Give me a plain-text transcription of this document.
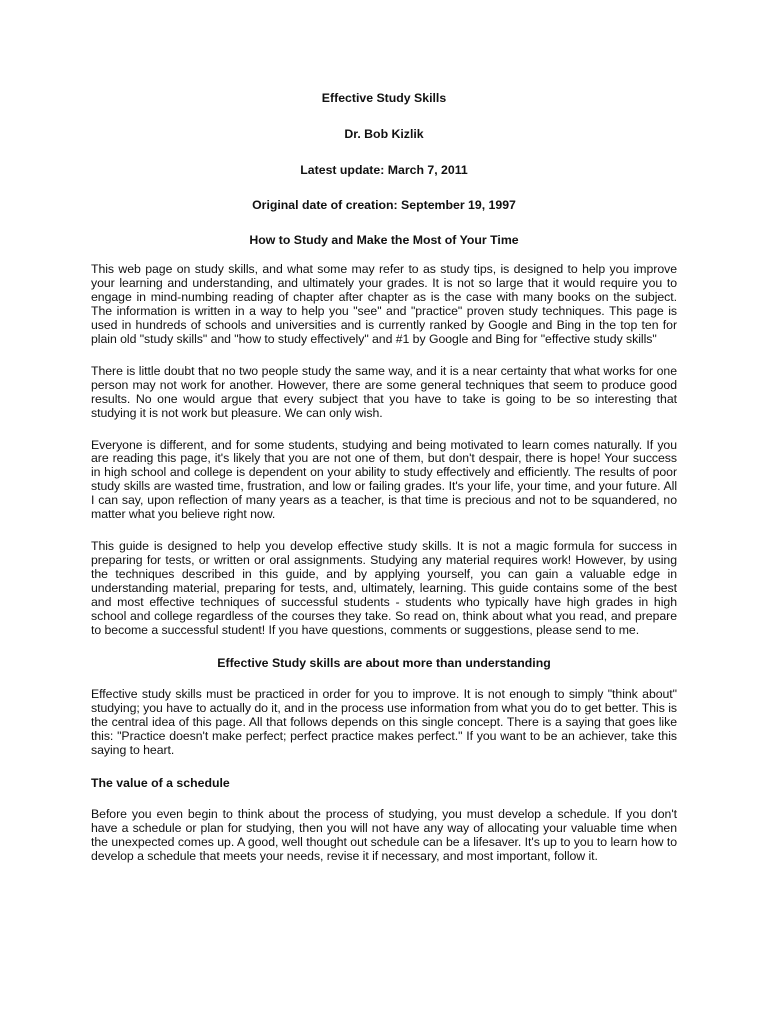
Effective Study Skills
Dr. Bob Kizlik
Latest update: March 7, 2011
Original date of creation: September 19, 1997
How to Study and Make the Most of Your Time

This web page on study skills, and what some may refer to as study tips, is designed to help you improve your learning and understanding, and ultimately your grades. It is not so large that it would require you to engage in mind-numbing reading of chapter after chapter as is the case with many books on the subject. The information is written in a way to help you "see" and "practice" proven study techniques. This page is used in hundreds of schools and universities and is currently ranked by Google and Bing in the top ten for plain old "study skills" and "how to study effectively" and #1 by Google and Bing for "effective study skills"

There is little doubt that no two people study the same way, and it is a near certainty that what works for one person may not work for another. However, there are some general techniques that seem to produce good results. No one would argue that every subject that you have to take is going to be so interesting that studying it is not work but pleasure. We can only wish.

Everyone is different, and for some students, studying and being motivated to learn comes naturally. If you are reading this page, it's likely that you are not one of them, but don't despair, there is hope! Your success in high school and college is dependent on your ability to study effectively and efficiently. The results of poor study skills are wasted time, frustration, and low or failing grades. It's your life, your time, and your future. All I can say, upon reflection of many years as a teacher, is that time is precious and not to be squandered, no matter what you believe right now.

This guide is designed to help you develop effective study skills. It is not a magic formula for success in preparing for tests, or written or oral assignments. Studying any material requires work! However, by using the techniques described in this guide, and by applying yourself, you can gain a valuable edge in understanding material, preparing for tests, and, ultimately, learning. This guide contains some of the best and most effective techniques of successful students - students who typically have high grades in high school and college regardless of the courses they take. So read on, think about what you read, and prepare to become a successful student! If you have questions, comments or suggestions, please send to me.

Effective Study skills are about more than understanding

Effective study skills must be practiced in order for you to improve. It is not enough to simply "think about" studying; you have to actually do it, and in the process use information from what you do to get better. This is the central idea of this page. All that follows depends on this single concept. There is a saying that goes like this: "Practice doesn't make perfect; perfect practice makes perfect." If you want to be an achiever, take this saying to heart.

The value of a schedule

Before you even begin to think about the process of studying, you must develop a schedule. If you don't have a schedule or plan for studying, then you will not have any way of allocating your valuable time when the unexpected comes up. A good, well thought out schedule can be a lifesaver. It's up to you to learn how to develop a schedule that meets your needs, revise it if necessary, and most important, follow it.
